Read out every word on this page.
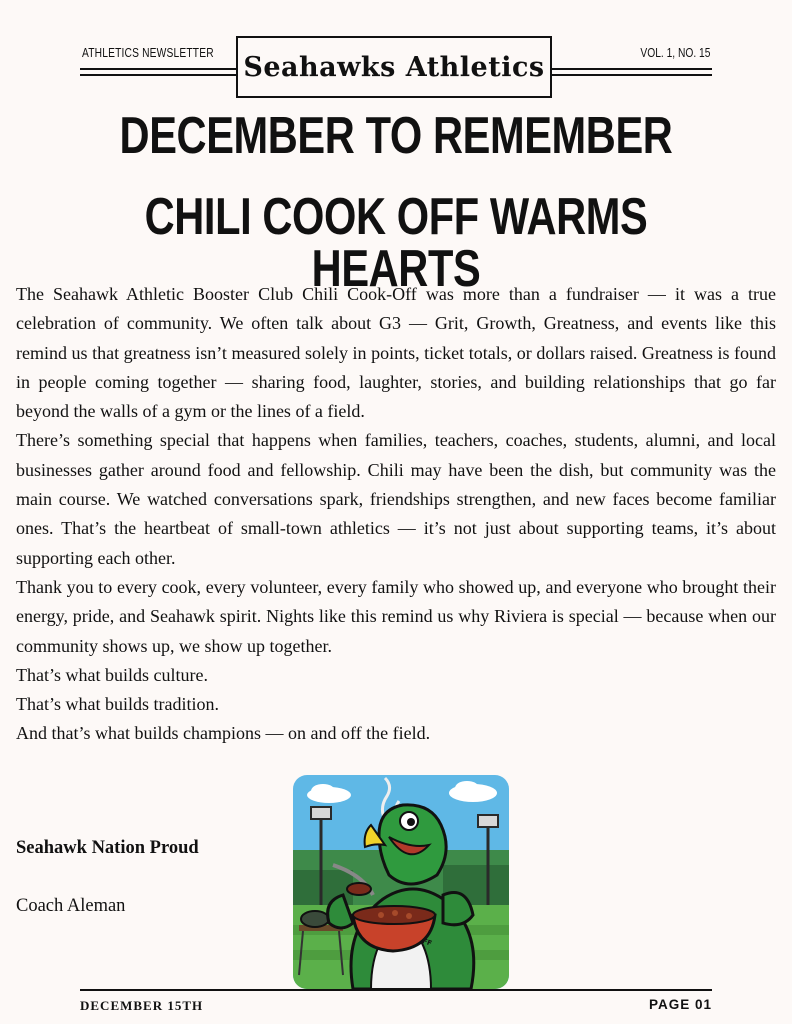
ATHLETICS NEWSLETTER	VOL. 1, NO. 15
Seahawks Athletics
DECEMBER TO REMEMBER
CHILI COOK OFF WARMS HEARTS

The Seahawk Athletic Booster Club Chili Cook-Off was more than a fundraiser — it was a true celebration of community. We often talk about G3 — Grit, Growth, Greatness, and events like this remind us that greatness isn’t measured solely in points, ticket totals, or dollars raised. Greatness is found in people coming together — sharing food, laughter, stories, and building relationships that go far beyond the walls of a gym or the lines of a field.

There’s something special that happens when families, teachers, coaches, students, alumni, and local businesses gather around food and fellowship. Chili may have been the dish, but community was the main course. We watched conversations spark, friendships strengthen, and new faces become familiar ones. That’s the heartbeat of small-town athletics — it’s not just about supporting teams, it’s about supporting each other.

Thank you to every cook, every volunteer, every family who showed up, and everyone who brought their energy, pride, and Seahawk spirit. Nights like this remind us why Riviera is special — because when our community shows up, we show up together.

That’s what builds culture.

That’s what builds tradition.

And that’s what builds champions — on and off the field.

Seahawk Nation Proud
Coach Aleman
DECEMBER 15TH	PAGE 01
